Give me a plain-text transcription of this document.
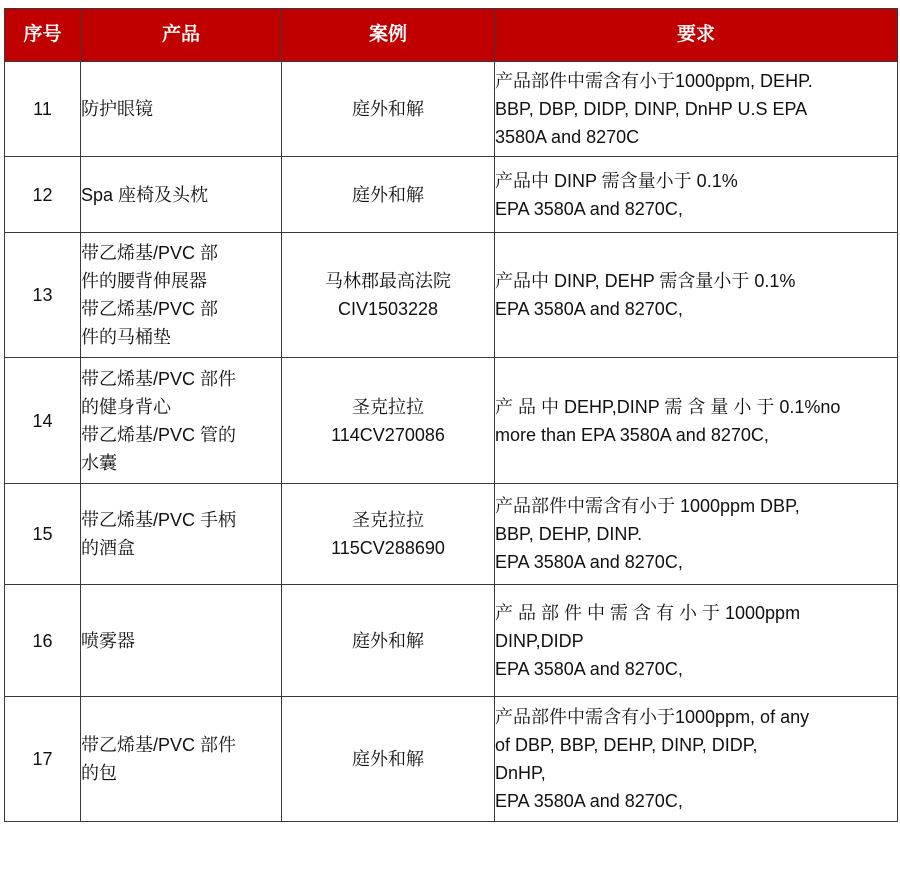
序号	产品	案例	要求
11	防护眼镜	庭外和解	产品部件中需含有小于1000ppm, DEHP.
BBP, DBP, DIDP, DINP, DnHP U.S EPA
3580A and 8270C

12	Spa 座椅及头枕	庭外和解	产品中 DINP 需含量小于 0.1%
EPA 3580A and 8270C,

13	带乙烯基/PVC 部
件的腰背伸展器
带乙烯基/PVC 部
件的马桶垫	马林郡最高法院
CIV1503228	产品中 DINP, DEHP 需含量小于 0.1%
EPA 3580A and 8270C,

14	带乙烯基/PVC 部件
的健身背心
带乙烯基/PVC 管的
水囊	圣克拉拉
114CV270086	产 品 中 DEHP,DINP 需 含 量 小 于 0.1%no
more than EPA 3580A and 8270C,

15	带乙烯基/PVC 手柄
的酒盒	圣克拉拉
115CV288690	产品部件中需含有小于 1000ppm DBP,
BBP, DEHP, DINP.
EPA 3580A and 8270C,

16	喷雾器	庭外和解	产 品 部 件 中 需 含 有 小 于 1000ppm
DINP,DIDP
EPA 3580A and 8270C,

17	带乙烯基/PVC 部件
的包	庭外和解	产品部件中需含有小于1000ppm, of any
of DBP, BBP, DEHP, DINP, DIDP,
DnHP,
EPA 3580A and 8270C,
